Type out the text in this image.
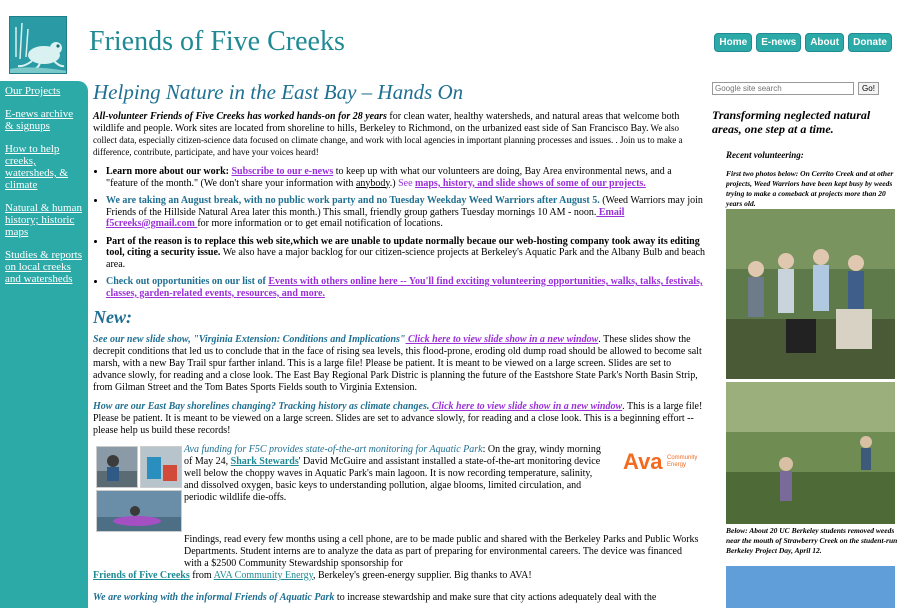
Friends of Five Creeks	Home	E-news	About	Donate
Our Projects
E-news archive & signups
How to help creeks, watersheds, & climate
Natural & human history; historic maps
Studies & reports on local creeks and watersheds
Helping Nature in the East Bay – Hands On

All-volunteer Friends of Five Creeks has worked hands-on for 28 years for clean water, healthy watersheds, and natural areas that welcome both wildlife and people. Work sites are located from shoreline to hills, Berkeley to Richmond, on the urbanized east side of San Francisco Bay. We also collect data, especially citizen-science data focused on climate change, and work with local agencies in important planning processes and issues. . Join us to make a difference, contribute, participate, and have your voices heard!

• Learn more about our work: Subscribe to our e-news to keep up with what our volunteers are doing, Bay Area environmental news, and a "feature of the month." (We don't share your information with anybody.) See maps, history, and slide shows of some of our projects.
• We are taking an August break, with no public work party and no Tuesday Weekday Weed Warriors after August 5. (Weed Warriors may join Friends of the Hillside Natural Area later this month.) This small, friendly group gathers Tuesday mornings 10 AM - noon. Email f5creeks@gmail.com for more information or to get email notification of locations.
• Part of the reason is to replace this web site,which we are unable to update normally becaue our web-hosting company took away its editing tool, citing a security issue. We also have a major backlog for our citizen-science projects at Berkeley's Aquatic Park and the Albany Bulb and beach area.
• Check out opportunities on our list of Events with others online here -- You'll find exciting volunteering opportunities, walks, talks, festivals, classes, garden-related events, resources, and more.
New:

See our new slide show, "Virginia Extension: Conditions and Implications" Click here to view slide show in a new window. These slides show the decrepit conditions that led us to conclude that in the face of rising sea levels, this flood-prone, eroding old dump road should be allowed to become salt marsh, with a new Bay Trail spur farther inland. This is a large file! Please be patient. It is meant to be viewed on a large screen. Slides are set to advance slowly, for reading and a close look. The East Bay Regional Park Distric is planning the future of the Eastshore State Park's North Basin Strip, from Gilman Street and the Tom Bates Sports Fields south to Virginia Extension.

How are our East Bay shorelines changing? Tracking history as climate changes. Click here to view slide show in a new window. This is a large file! Please be patient. It is meant to be viewed on a large screen. Slides are set to advance slowly, for reading and a close look. This is a beginning effort -- please help us build these records!

Ava funding for F5C provides state-of-the-art monitoring for Aquatic Park: On the gray, windy morning of May 24, Shark Stewards' David McGuire and assistant installed a state-of-the-art monitoring device well below the choppy waves in Aquatic Park's main lagoon. It is now recording temperature, salinity, and dissolved oxygen, basic keys to understanding pollution, algae blooms, limited circulation, and periodic wildlife die-offs.
Ava Community
Energy
Findings, read every few months using a cell phone, are to be made public and shared with the Berkeley Parks and Public Works Departments. Student interns are to analyze the data as part of preparing for environmental careers. The device was financed with a $2500 Community Stewardship sponsorship for

Friends of Five Creeks from AVA Community Energy, Berkeley's green-energy supplier. Big thanks to AVA!

We are working with the informal Friends of Aquatic Park to increase stewardship and make sure that city actions adequately deal with the

Google site search
Go!

Transforming neglected natural areas, one step at a time.

Recent volunteering:

First two photos below: On Cerrito Creek and at other projects, Weed Warriors have been kept busy by weeds trying to make a comeback at projects more than 20 years old.

Below: About 20 UC Berkeley students removed weeds near the mouth of Strawberry Creek on the student-run Berkeley Project Day, April 12.
